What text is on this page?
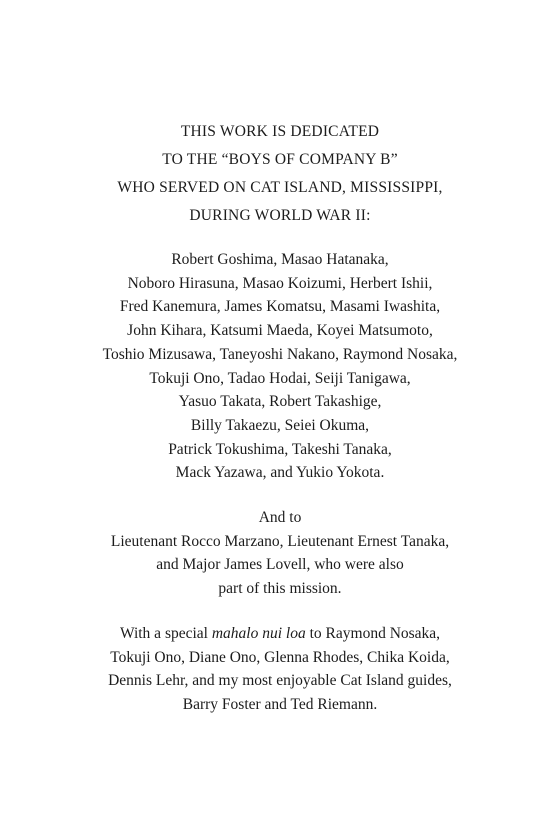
THIS WORK IS DEDICATED
TO THE “BOYS OF COMPANY B”
WHO SERVED ON CAT ISLAND, MISSISSIPPI,
DURING WORLD WAR II:
Robert Goshima, Masao Hatanaka,
Noboro Hirasuna, Masao Koizumi, Herbert Ishii,
Fred Kanemura, James Komatsu, Masami Iwashita,
John Kihara, Katsumi Maeda, Koyei Matsumoto,
Toshio Mizusawa, Taneyoshi Nakano, Raymond Nosaka,
Tokuji Ono, Tadao Hodai, Seiji Tanigawa,
Yasuo Takata, Robert Takashige,
Billy Takaezu, Seiei Okuma,
Patrick Tokushima, Takeshi Tanaka,
Mack Yazawa, and Yukio Yokota.
And to
Lieutenant Rocco Marzano, Lieutenant Ernest Tanaka,
and Major James Lovell, who were also
part of this mission.
With a special mahalo nui loa to Raymond Nosaka,
Tokuji Ono, Diane Ono, Glenna Rhodes, Chika Koida,
Dennis Lehr, and my most enjoyable Cat Island guides,
Barry Foster and Ted Riemann.
